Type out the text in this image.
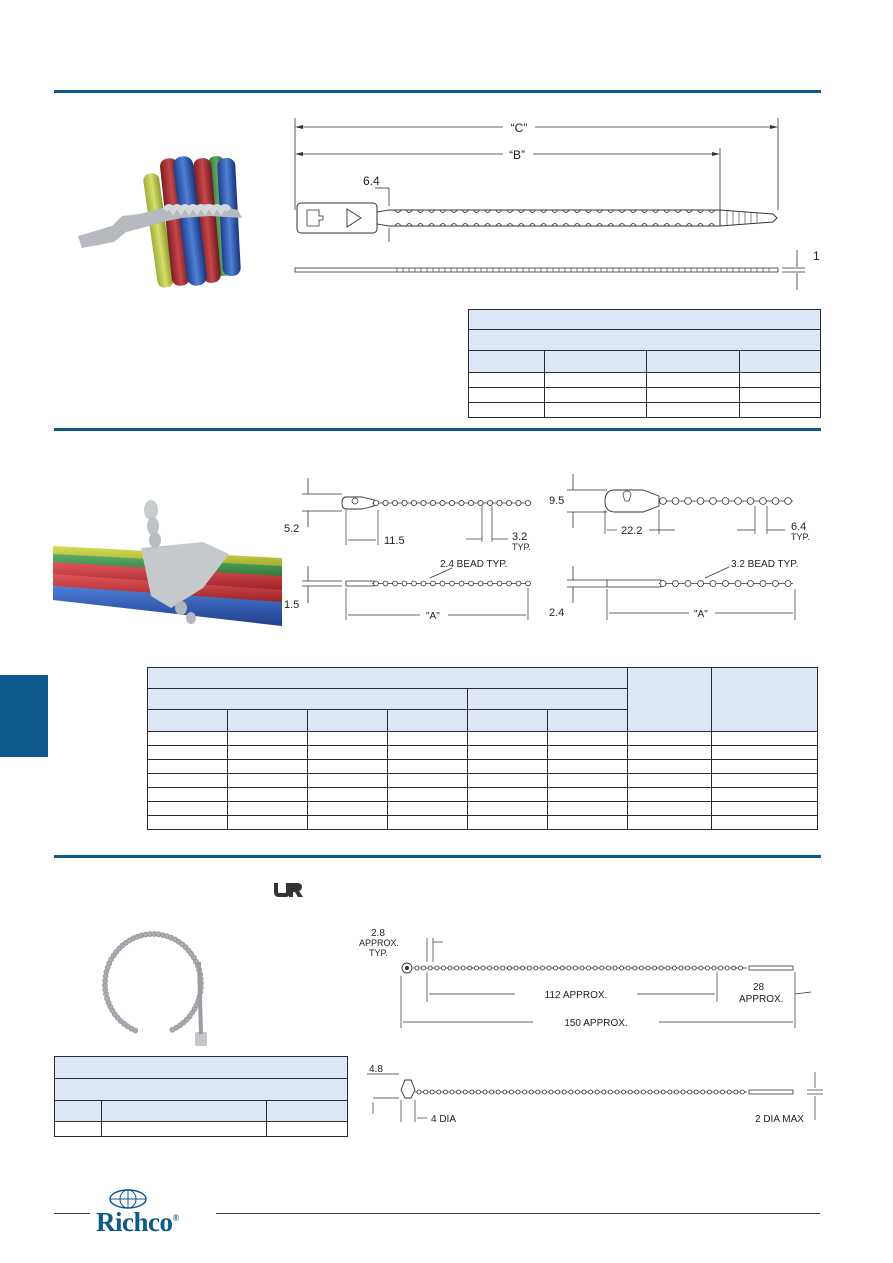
“C”
“B”
6.4
1

5.2
11.5	3.2
TYP.
1.5
2.4 BEAD TYP.
"A"
9.5
22.2	6.4
TYP.
2.4
3.2 BEAD TYP.
"A"

2.8
APPROX.
TYP.
112 APPROX.
28
APPROX.
150 APPROX.
4.8
4 DIA	2 DIA MAX
Richco®
